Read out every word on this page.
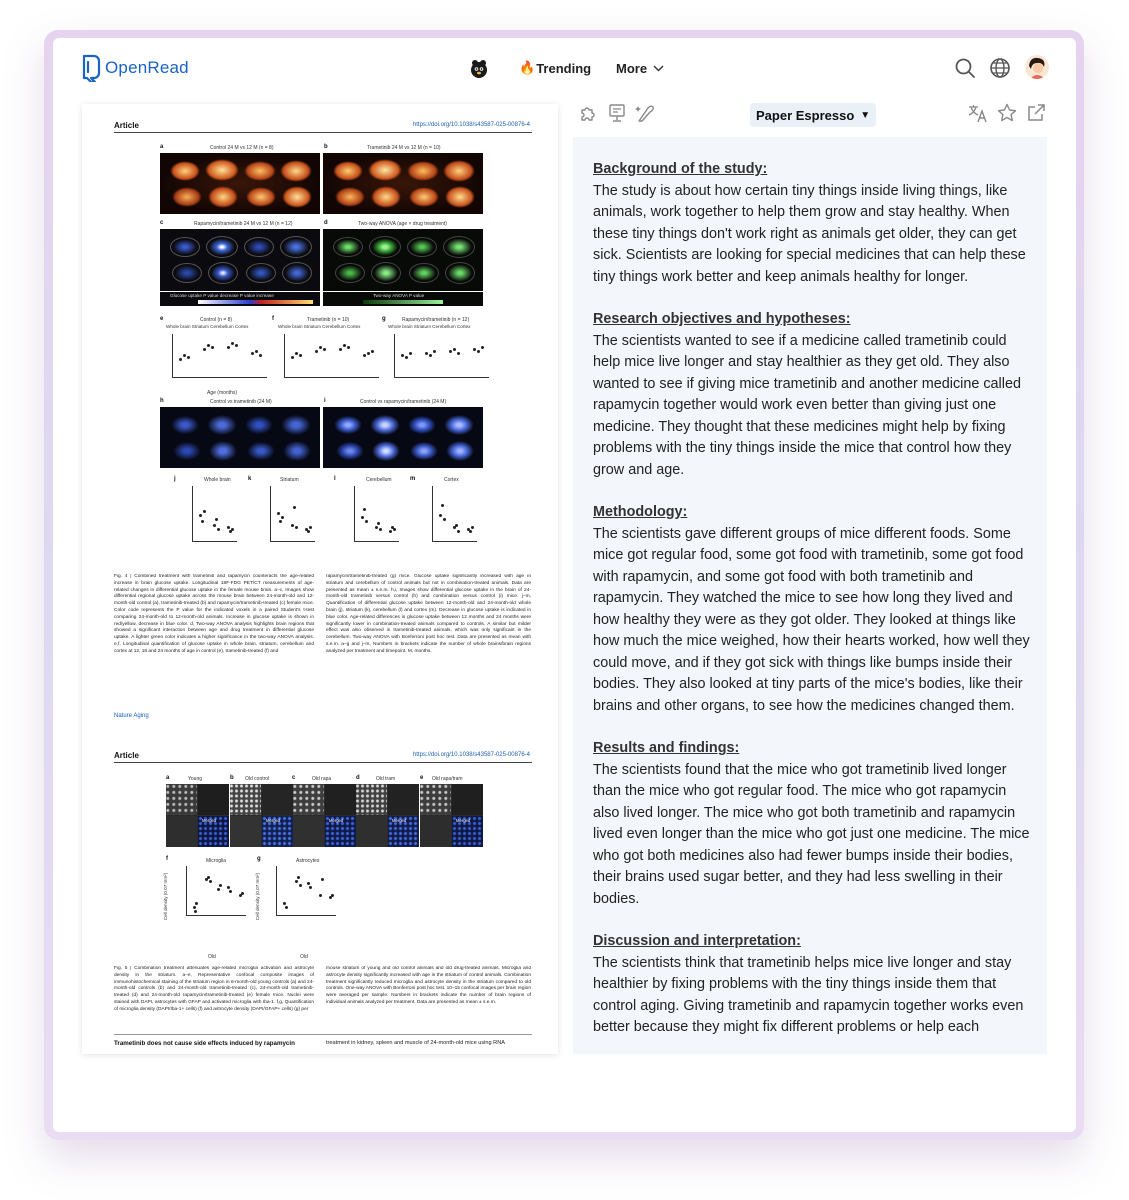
OpenRead	🔥 Trending More
Article	https://doi.org/10.1038/s43587-025-00876-4
a	Control 24 M vs 12 M (n = 8)	b	Trametinib 24 M vs 12 M (n = 10)
c	Rapamycin/trametinib 24 M vs 12 M (n = 12)	d	Two-way ANOVA (age × drug treatment)
Glucose uptake P value decrease P value increase	Two-way ANOVA P value
e	Control (n = 8)	f	Trametinib (n = 10)	g	Rapamycin/trametinib (n = 12)
Whole brain Striatum Cerebellum Cortex	Whole brain Striatum Cerebellum Cortex	Whole brain Striatum Cerebellum Cortex
Age (months)
h	Control vs trametinib (24 M)	i	Control vs rapamycin/trametinib (24 M)
j	Whole brain	k	Striatum	l	Cerebellum	m	Cortex
Fig. 4 | Combined treatment with trametinib and rapamycin counteracts the age-related increase in brain glucose uptake. Longitudinal 18F-FDG PET/CT measurements of age-related changes in differential glucose uptake in the female mouse brain. a–c, Images show differential regional glucose uptake across the mouse brain between 24-month-old and 12-month-old control (a), trametinib-treated (b) and rapamycin/trametinib-treated (c) female mice. Color code represents the P value for the indicated voxels in a paired Student's t-test comparing 24-month-old to 12-month-old animals. Increase in glucose uptake is shown in red/yellow, decrease in blue color. d, Two-way ANOVA analysis highlights brain regions that showed a significant interaction between age and drug treatment in differential glucose uptake. A lighter green color indicates a higher significance in the two-way ANOVA analysis. e,f, Longitudinal quantification of glucose uptake in whole brain, striatum, cerebellum and cortex at 12, 18 and 24 months of age in control (e), trametinib-treated (f) and
rapamycin/trametinib-treated (g) mice. Glucose uptake significantly increased with age in striatum and cerebellum of control animals but not in combination-treated animals. Data are presented as mean ± s.e.m. h,i, Images show differential glucose uptake in the brain of 24-month-old trametinib versus control (h) and combination versus control (i) mice. j–m, Quantification of differential glucose uptake between 12-month-old and 24-month-old whole brain (j), striatum (k), cerebellum (l) and cortex (m). Decrease in glucose uptake is indicated in blue color. Age-related differences in glucose uptake between 12 months and 24 months were significantly lower in combination-treated animals compared to controls. A similar but milder effect was also observed in trametinib-treated animals, which was only significant in the cerebellum. Two-way ANOVA with Bonferroni post hoc test. Data are presented as mean with s.e.m. a–g and j–m, Numbers in brackets indicate the number of whole brains/brain regions analyzed per treatment and timepoint. M, months.
Nature Aging
Article	https://doi.org/10.1038/s43587-025-00876-4
a	Young	b Old control	c	Old rapa	d	Old tram	e Old rapa/tram
Merged	Merged	Merged	Merged	Merged
f	Microglia	g	Astrocytes
Cell density (0.07 mm²)	Cell density (0.07 mm²)
Old	Old
Fig. 5 | Combination treatment attenuates age-related microglia activation and astrocyte density in the striatum. a–e, Representative confocal composite images of immunohistochemical staining of the striatum region in 6-month-old young controls (a) and 24-month-old controls (b) and 24-month-old trametinib-treated (c), 24-month-old trametinib-treated (d) and 24-month-old rapamycin/trametinib-treated (e) female mice. Nuclei were stained with DAPI, astrocytes with GFAP and activated microglia with Iba-1. f,g, Quantification of microglia density (DAPI/Iba-1+ cells) (f) and astrocyte density (DAPI/GFAP+ cells) (g) per
mouse striatum of young and old control animals and old drug-treated animals. Microglia and astrocyte density significantly increased with age in the striatum of control animals. Combination treatment significantly reduced microglia and astrocyte density in the striatum compared to old controls. One-way ANOVA with Bonferroni post hoc test. 10–15 confocal images per brain region were averaged per sample. Numbers in brackets indicate the number of brain regions of individual animals analyzed per treatment. Data are presented as mean ± s.e.m.
Trametinib does not cause side effects induced by rapamycin	treatment in kidney, spleen and muscle of 24-month-old mice using RNA
Paper Espresso ▼
Background of the study:

The study is about how certain tiny things inside living things, like animals, work together to help them grow and stay healthy. When these tiny things don't work right as animals get older, they can get sick. Scientists are looking for special medicines that can help these tiny things work better and keep animals healthy for longer.

Research objectives and hypotheses:

The scientists wanted to see if a medicine called trametinib could help mice live longer and stay healthier as they get old. They also wanted to see if giving mice trametinib and another medicine called rapamycin together would work even better than giving just one medicine. They thought that these medicines might help by fixing problems with the tiny things inside the mice that control how they grow and age.

Methodology:

The scientists gave different groups of mice different foods. Some mice got regular food, some got food with trametinib, some got food with rapamycin, and some got food with both trametinib and rapamycin. They watched the mice to see how long they lived and how healthy they were as they got older. They looked at things like how much the mice weighed, how their hearts worked, how well they could move, and if they got sick with things like bumps inside their bodies. They also looked at tiny parts of the mice's bodies, like their brains and other organs, to see how the medicines changed them.

Results and findings:

The scientists found that the mice who got trametinib lived longer than the mice who got regular food. The mice who got rapamycin also lived longer. The mice who got both trametinib and rapamycin lived even longer than the mice who got just one medicine. The mice who got both medicines also had fewer bumps inside their bodies, their brains used sugar better, and they had less swelling in their bodies.

Discussion and interpretation:

The scientists think that trametinib helps mice live longer and stay healthier by fixing problems with the tiny things inside them that control aging. Giving trametinib and rapamycin together works even better because they might fix different problems or help each
